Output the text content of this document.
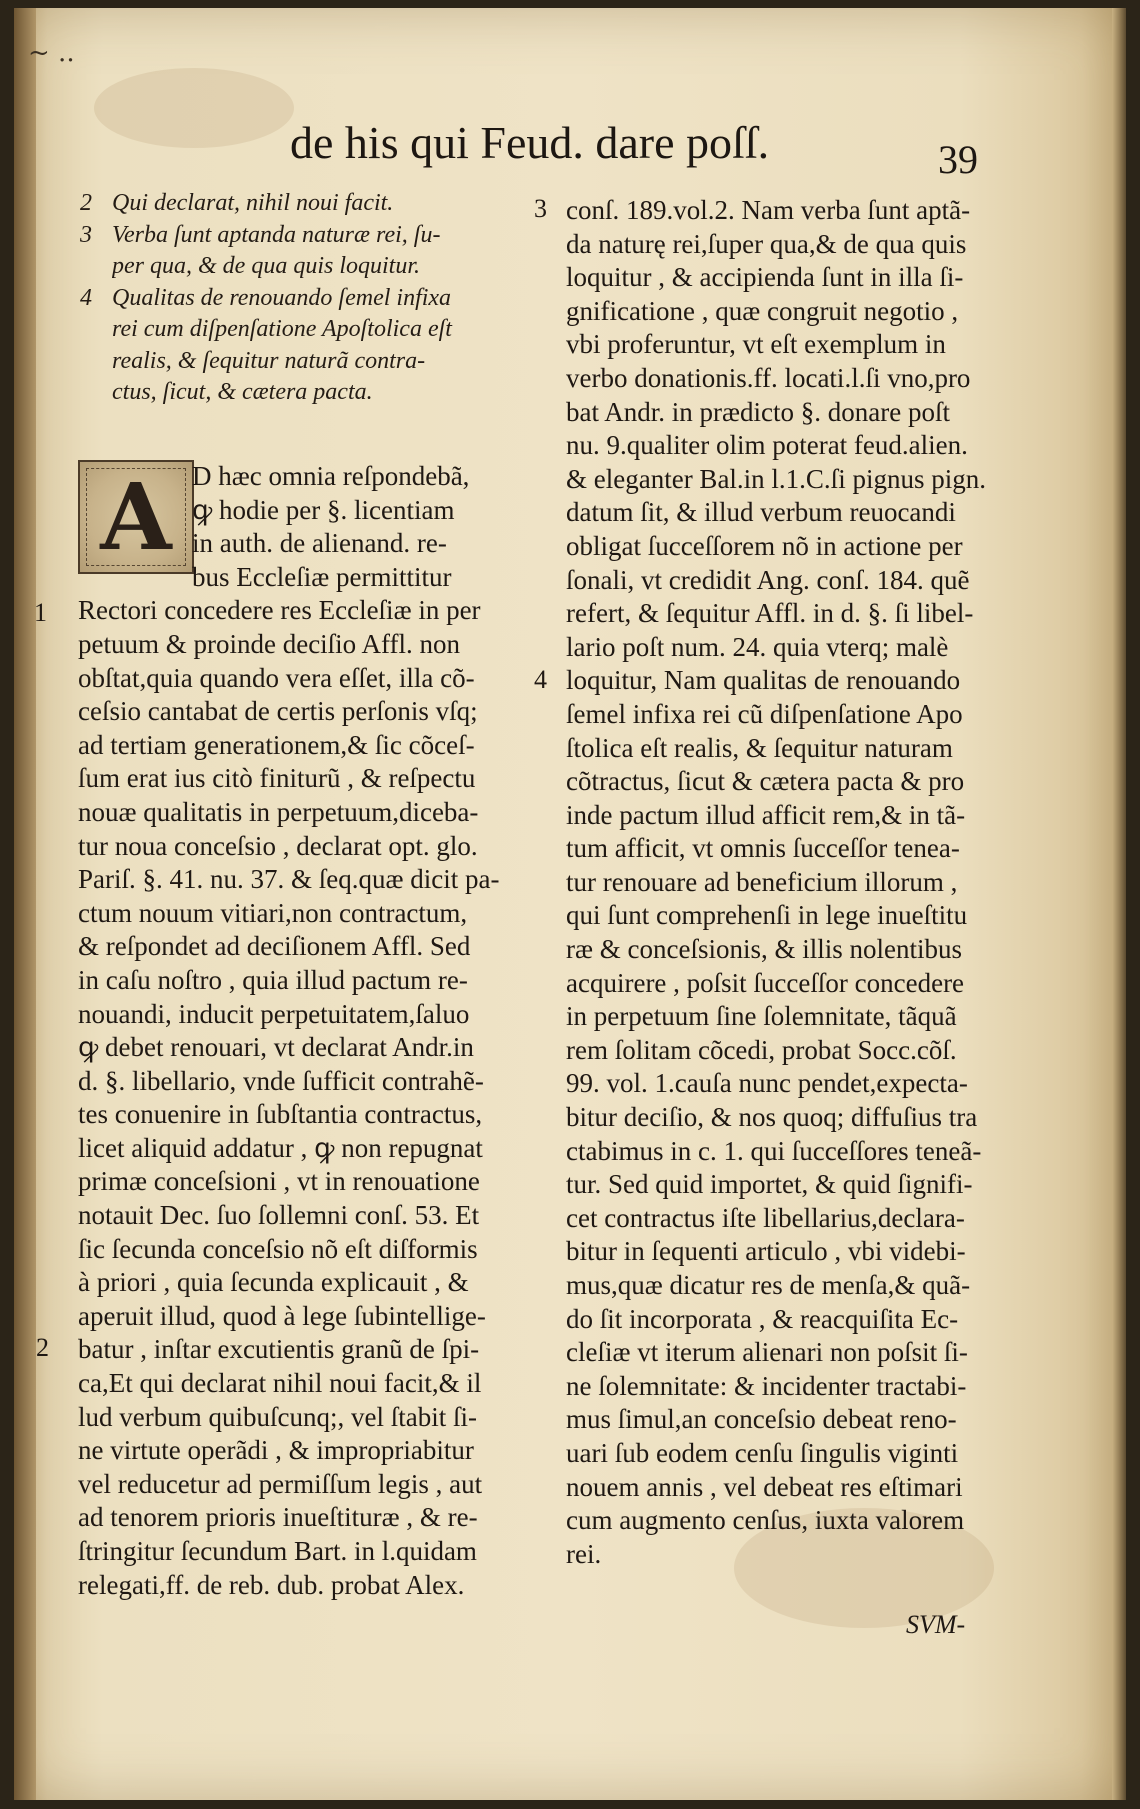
~ ..
de his qui Feud. dare poſſ.	39
2 Qui declarat, nihil noui facit.
3 Verba ſunt aptanda naturæ rei, ſu-
per qua, & de qua quis loquitur.
4 Qualitas de renouando ſemel infixa
rei cum diſpenſatione Apoſtolica eſt
realis, & ſequitur naturã contra-
ctus, ſicut, & cætera pacta.
A D hæc omnia reſpondebã,
ꝙ hodie per §. licentiam
in auth. de alienand. re-
bus Eccleſiæ permittitur
Rectori concedere res Eccleſiæ in per
petuum & proinde deciſio Affl. non
obſtat,quia quando vera eſſet, illa cõ-
ceſsio cantabat de certis perſonis vſq;
ad tertiam generationem,& ſic cõceſ-
ſum erat ius citò finiturũ , & reſpectu
nouæ qualitatis in perpetuum,diceba-
tur noua conceſsio , declarat opt. glo.
Pariſ. §. 41. nu. 37. & ſeq.quæ dicit pa-
ctum nouum vitiari,non contractum,
& reſpondet ad deciſionem Affl. Sed
in caſu noſtro , quia illud pactum re-
nouandi, inducit perpetuitatem,ſaluo
ꝙ debet renouari, vt declarat Andr.in
d. §. libellario, vnde ſufficit contrahẽ-
tes conuenire in ſubſtantia contractus,
licet aliquid addatur , ꝙ non repugnat
primæ conceſsioni , vt in renouatione
notauit Dec. ſuo ſollemni conſ. 53. Et
ſic ſecunda conceſsio nõ eſt diſformis
à priori , quia ſecunda explicauit , &
aperuit illud, quod à lege ſubintellige-
batur , inſtar excutientis granũ de ſpi-
ca,Et qui declarat nihil noui facit,& il
lud verbum quibuſcunq;, vel ſtabit ſi-
ne virtute operãdi , & impropriabitur
vel reducetur ad permiſſum legis , aut
ad tenorem prioris inueſtituræ , & re-
ſtringitur ſecundum Bart. in l.quidam
relegati,ff. de reb. dub. probat Alex.
conſ. 189.vol.2. Nam verba ſunt aptã-
da naturę rei,ſuper qua,& de qua quis
loquitur , & accipienda ſunt in illa ſi-
gnificatione , quæ congruit negotio ,
vbi proferuntur, vt eſt exemplum in
verbo donationis.ff. locati.l.ſi vno,pro
bat Andr. in prædicto §. donare poſt
nu. 9.qualiter olim poterat feud.alien.
& eleganter Bal.in l.1.C.ſi pignus pign.
datum ſit, & illud verbum reuocandi
obligat ſucceſſorem nõ in actione per
ſonali, vt credidit Ang. conſ. 184. quẽ
refert, & ſequitur Affl. in d. §. ſi libel-
lario poſt num. 24. quia vterq; malè
loquitur, Nam qualitas de renouando
ſemel infixa rei cũ diſpenſatione Apo
ſtolica eſt realis, & ſequitur naturam
cõtractus, ſicut & cætera pacta & pro
inde pactum illud afficit rem,& in tã-
tum afficit, vt omnis ſucceſſor tenea-
tur renouare ad beneficium illorum ,
qui ſunt comprehenſi in lege inueſtitu
ræ & conceſsionis, & illis nolentibus
acquirere , poſsit ſucceſſor concedere
in perpetuum ſine ſolemnitate, tãquã
rem ſolitam cõcedi, probat Socc.cõſ.
99. vol. 1.cauſa nunc pendet,expecta-
bitur deciſio, & nos quoq; diffuſius tra
ctabimus in c. 1. qui ſucceſſores teneã-
tur. Sed quid importet, & quid ſignifi-
cet contractus iſte libellarius,declara-
bitur in ſequenti articulo , vbi videbi-
mus,quæ dicatur res de menſa,& quã-
do ſit incorporata , & reacquiſita Ec-
cleſiæ vt iterum alienari non poſsit ſi-
ne ſolemnitate: & incidenter tractabi-
mus ſimul,an conceſsio debeat reno-
uari ſub eodem cenſu ſingulis viginti
nouem annis , vel debeat res eſtimari
cum augmento cenſus, iuxta valorem
rei.
1
2
3
4
SVM-
